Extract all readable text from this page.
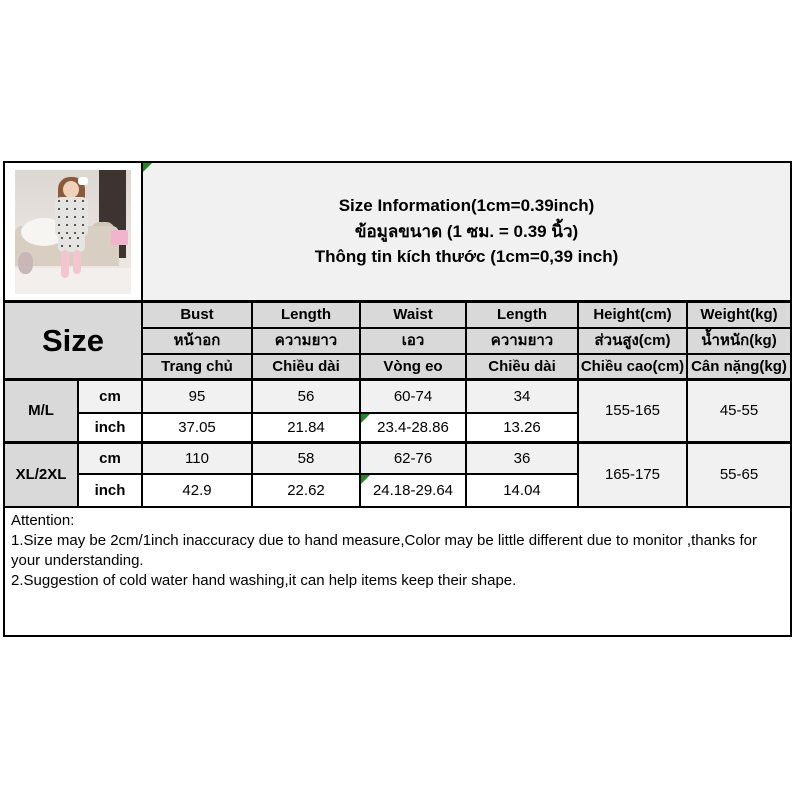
Size Information(1cm=0.39inch)
ข้อมูลขนาด (1 ซม. = 0.39 นิ้ว)
Thông tin kích thước (1cm=0,39 inch)
Size
Bust	Length	Waist	Length	Height(cm)	Weight(kg)
หน้าอก	ความยาว	เอว	ความยาว	ส่วนสูง(cm)	น้ำหนัก(kg)
Trang chủ	Chiều dài	Vòng eo	Chiều dài	Chiều cao(cm) Cân nặng(kg)
M/L
cm	95	56	60-74	34
inch	37.05	21.84	23.4-28.86	13.26
155-165	45-55
XL/2XL
cm	110	58	62-76	36
inch	42.9	22.62	24.18-29.64	14.04
165-175	55-65
Attention:
1.Size may be 2cm/1inch inaccuracy due to hand measure,Color may be little different due to monitor ,thanks for your understanding.
2.Suggestion of cold water hand washing,it can help items keep their shape.
